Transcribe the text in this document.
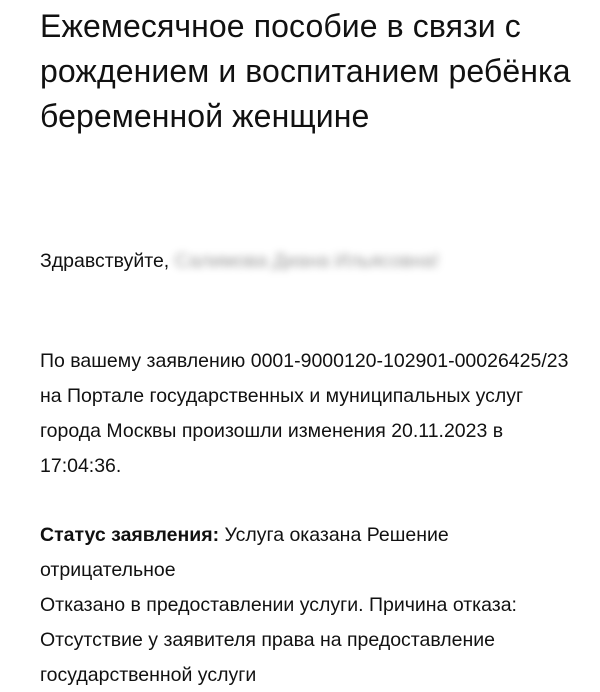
Ежемесячное пособие в связи с рождением и воспитанием ребёнка беременной женщине

Здравствуйте, Салимова Диана Ильясовна!

По вашему заявлению 0001-9000120-102901-00026425/23 на Портале государственных и муниципальных услуг города Москвы произошли изменения 20.11.2023 в 17:04:36.

Статус заявления: Услуга оказана Решение отрицательное
Отказано в предоставлении услуги. Причина отказа: Отсутствие у заявителя права на предоставление государственной услуги
